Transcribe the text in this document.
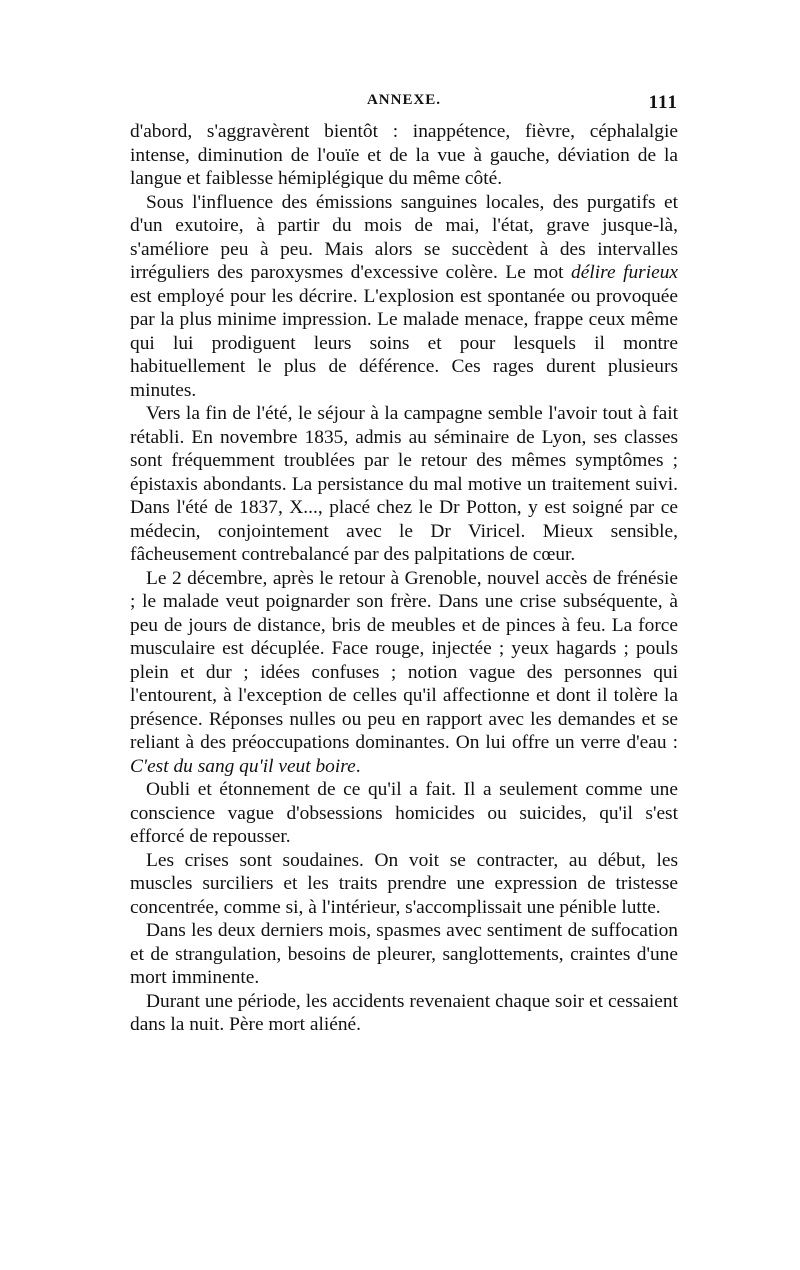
ANNEXE.	111

d'abord, s'aggravèrent bientôt : inappétence, fièvre, céphalalgie intense, diminution de l'ouïe et de la vue à gauche, déviation de la langue et faiblesse hémiplégique du même côté.

Sous l'influence des émissions sanguines locales, des purgatifs et d'un exutoire, à partir du mois de mai, l'état, grave jusque-là, s'améliore peu à peu. Mais alors se succèdent à des intervalles irréguliers des paroxysmes d'excessive colère. Le mot délire furieux est employé pour les décrire. L'explosion est spontanée ou provoquée par la plus minime impression. Le malade menace, frappe ceux même qui lui prodiguent leurs soins et pour lesquels il montre habituellement le plus de déférence. Ces rages durent plusieurs minutes.

Vers la fin de l'été, le séjour à la campagne semble l'avoir tout à fait rétabli. En novembre 1835, admis au séminaire de Lyon, ses classes sont fréquemment troublées par le retour des mêmes symptômes ; épistaxis abondants. La persistance du mal motive un traitement suivi. Dans l'été de 1837, X..., placé chez le Dr Potton, y est soigné par ce médecin, conjointement avec le Dr Viricel. Mieux sensible, fâcheusement contrebalancé par des palpitations de cœur.

Le 2 décembre, après le retour à Grenoble, nouvel accès de frénésie ; le malade veut poignarder son frère. Dans une crise subséquente, à peu de jours de distance, bris de meubles et de pinces à feu. La force musculaire est décuplée. Face rouge, injectée ; yeux hagards ; pouls plein et dur ; idées confuses ; notion vague des personnes qui l'entourent, à l'exception de celles qu'il affectionne et dont il tolère la présence. Réponses nulles ou peu en rapport avec les demandes et se reliant à des préoccupations dominantes. On lui offre un verre d'eau : C'est du sang qu'il veut boire.

Oubli et étonnement de ce qu'il a fait. Il a seulement comme une conscience vague d'obsessions homicides ou suicides, qu'il s'est efforcé de repousser.

Les crises sont soudaines. On voit se contracter, au début, les muscles surciliers et les traits prendre une expression de tristesse concentrée, comme si, à l'intérieur, s'accomplissait une pénible lutte.

Dans les deux derniers mois, spasmes avec sentiment de suffocation et de strangulation, besoins de pleurer, sanglottements, craintes d'une mort imminente.

Durant une période, les accidents revenaient chaque soir et cessaient dans la nuit. Père mort aliéné.
